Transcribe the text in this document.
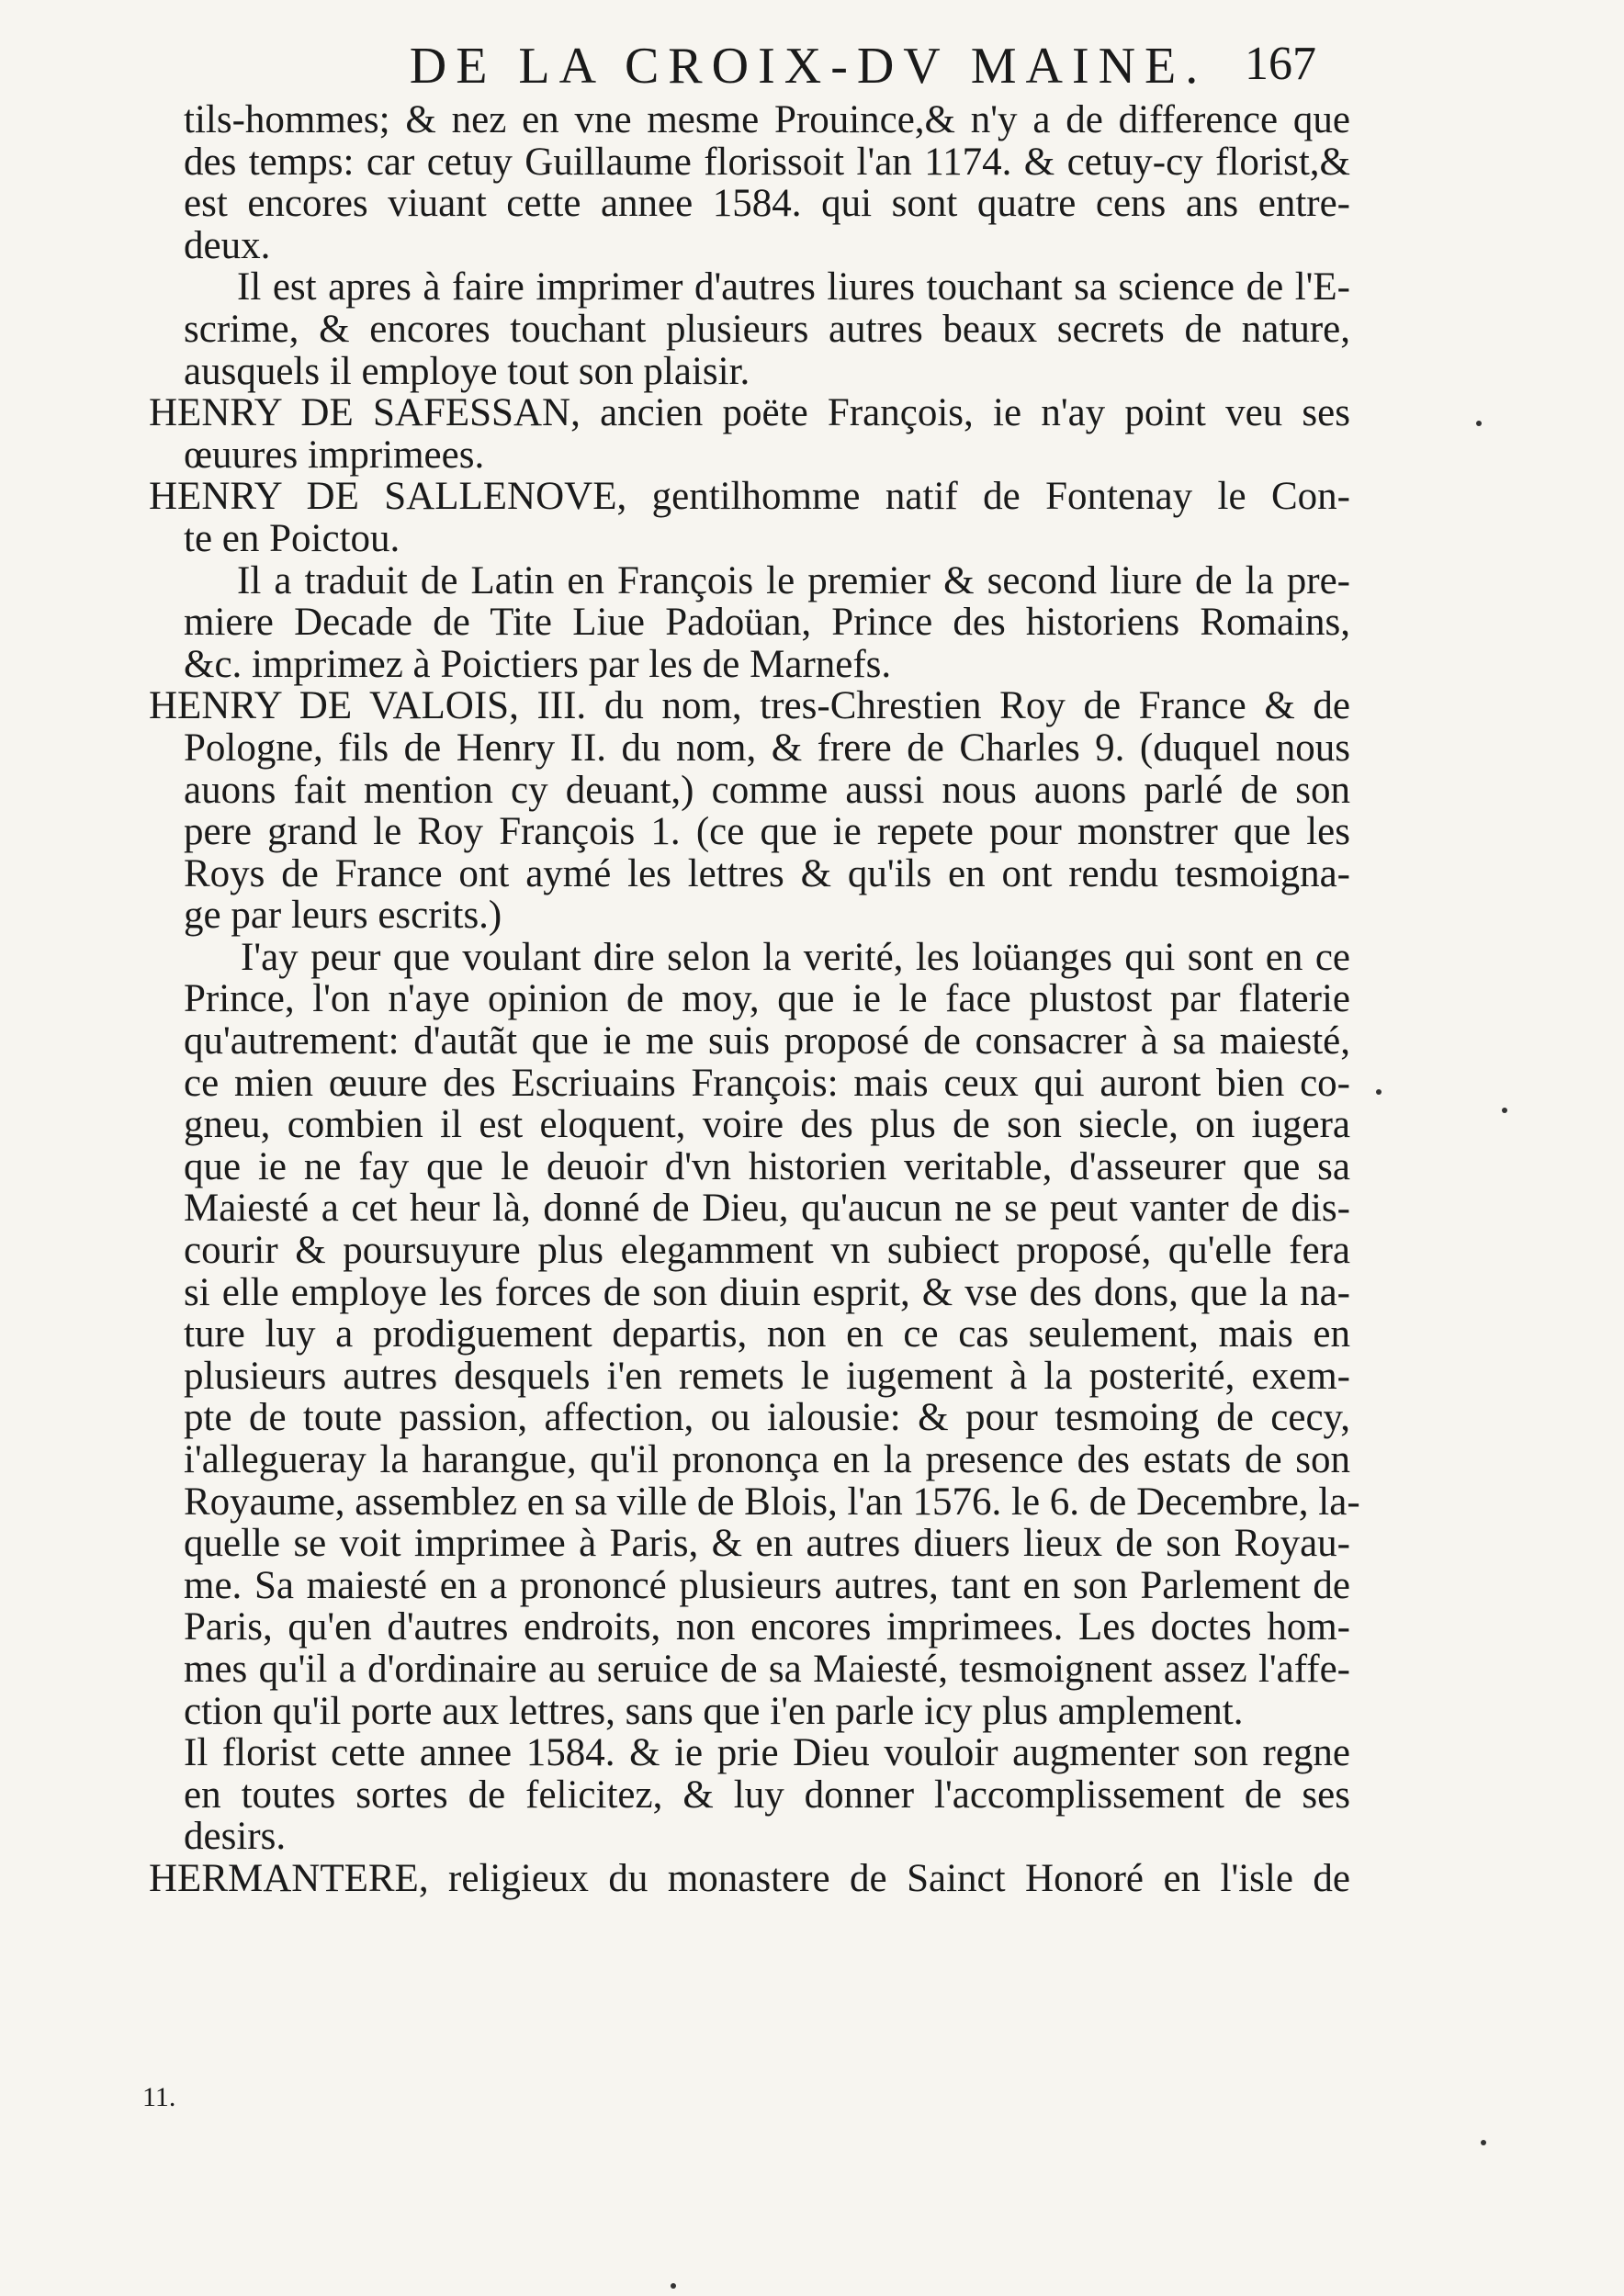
DE LA CROIX-DV MAINE. 167
tils-hommes; & nez en vne mesme Prouince,& n'y a de difference que
des temps: car cetuy Guillaume florissoit l'an 1174. & cetuy-cy florist,&
est encores viuant cette annee 1584. qui sont quatre cens ans entre-
deux.
Il est apres à faire imprimer d'autres liures touchant sa science de l'E-
scrime, & encores touchant plusieurs autres beaux secrets de nature,
ausquels il employe tout son plaisir.
HENRY DE SAFESSAN, ancien poëte François, ie n'ay point veu ses
œuures imprimees.
HENRY DE SALLENOVE, gentilhomme natif de Fontenay le Con-
te en Poictou.
Il a traduit de Latin en François le premier & second liure de la pre-
miere Decade de Tite Liue Padoüan, Prince des historiens Romains,
&c. imprimez à Poictiers par les de Marnefs.
HENRY DE VALOIS, III. du nom, tres-Chrestien Roy de France & de
Pologne, fils de Henry II. du nom, & frere de Charles 9. (duquel nous
auons fait mention cy deuant,) comme aussi nous auons parlé de son
pere grand le Roy François 1. (ce que ie repete pour monstrer que les
Roys de France ont aymé les lettres & qu'ils en ont rendu tesmoigna-
ge par leurs escrits.)
I'ay peur que voulant dire selon la verité, les loüanges qui sont en ce
Prince, l'on n'aye opinion de moy, que ie le face plustost par flaterie
qu'autrement: d'autãt que ie me suis proposé de consacrer à sa maiesté,
ce mien œuure des Escriuains François: mais ceux qui auront bien co-
gneu, combien il est eloquent, voire des plus de son siecle, on iugera
que ie ne fay que le deuoir d'vn historien veritable, d'asseurer que sa
Maiesté a cet heur là, donné de Dieu, qu'aucun ne se peut vanter de dis-
courir & poursuyure plus elegamment vn subiect proposé, qu'elle fera
si elle employe les forces de son diuin esprit, & vse des dons, que la na-
ture luy a prodiguement departis, non en ce cas seulement, mais en
plusieurs autres desquels i'en remets le iugement à la posterité, exem-
pte de toute passion, affection, ou ialousie: & pour tesmoing de cecy,
i'allegueray la harangue, qu'il prononça en la presence des estats de son
Royaume, assemblez en sa ville de Blois, l'an 1576. le 6. de Decembre, la-
quelle se voit imprimee à Paris, & en autres diuers lieux de son Royau-
me. Sa maiesté en a prononcé plusieurs autres, tant en son Parlement de
Paris, qu'en d'autres endroits, non encores imprimees. Les doctes hom-
mes qu'il a d'ordinaire au seruice de sa Maiesté, tesmoignent assez l'affe-
ction qu'il porte aux lettres, sans que i'en parle icy plus amplement.
Il florist cette annee 1584. & ie prie Dieu vouloir augmenter son regne
en toutes sortes de felicitez, & luy donner l'accomplissement de ses
desirs.
HERMANTERE, religieux du monastere de Sainct Honoré en l'isle de
11.
